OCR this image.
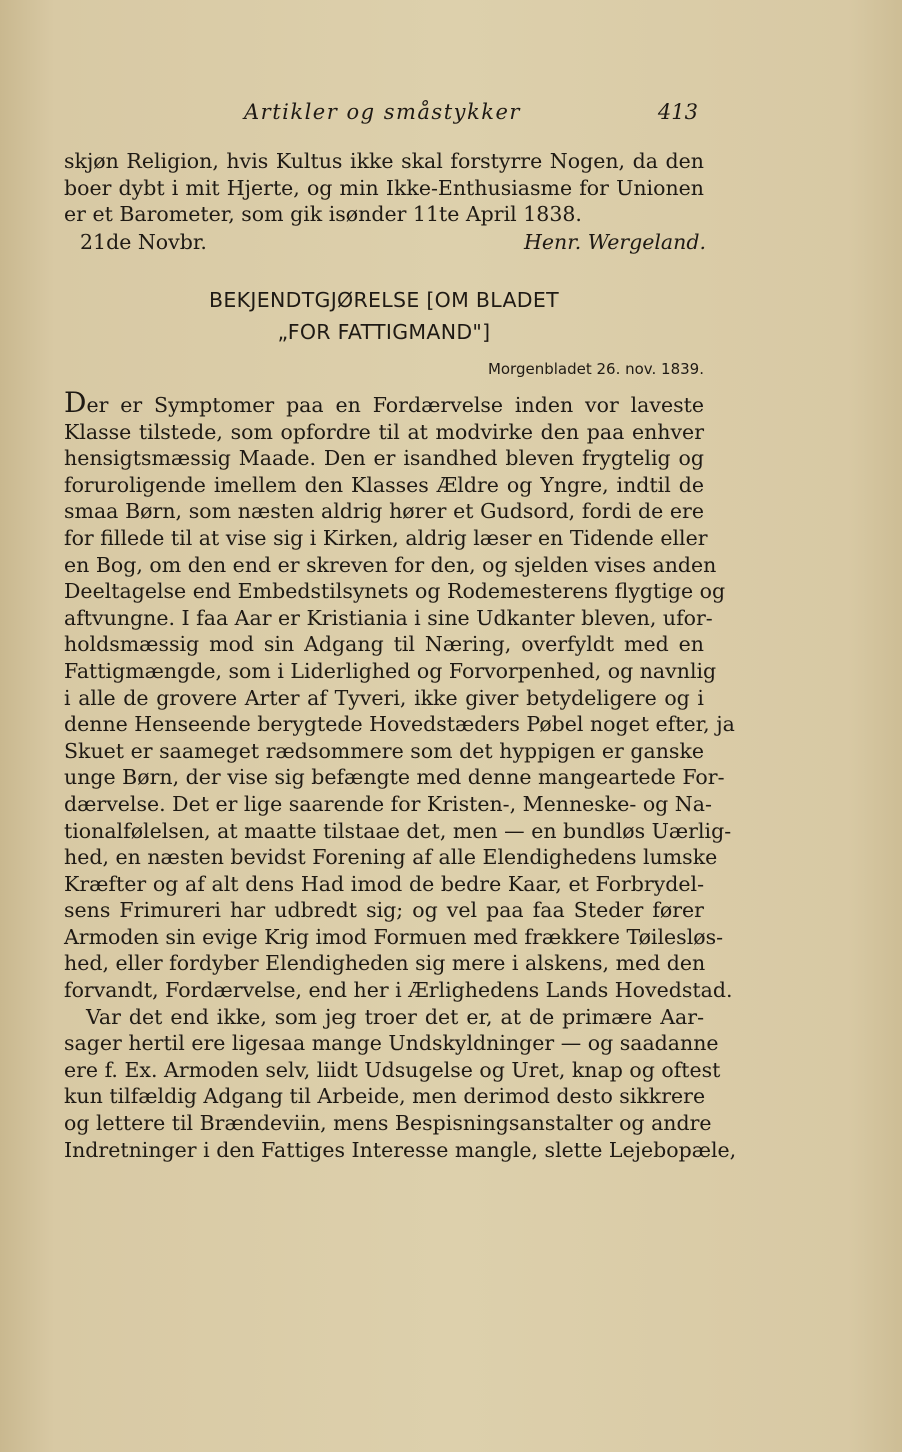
Artikler og småstykker	413
skjøn Religion, hvis Kultus ikke skal forstyrre Nogen, da den
boer dybt i mit Hjerte, og min Ikke-Enthusiasme for Unionen
er et Barometer, som gik isønder 11te April 1838.
21de Novbr.	Henr. Wergeland.
BEKJENDTGJØRELSE [OM BLADET
„FOR FATTIGMAND"]
Morgenbladet 26. nov. 1839.
Der er Symptomer paa en Fordærvelse inden vor laveste
Klasse tilstede, som opfordre til at modvirke den paa enhver
hensigtsmæssig Maade. Den er isandhed bleven frygtelig og
foruroligende imellem den Klasses Ældre og Yngre, indtil de
smaa Børn, som næsten aldrig hører et Gudsord, fordi de ere
for fillede til at vise sig i Kirken, aldrig læser en Tidende eller
en Bog, om den end er skreven for den, og sjelden vises anden
Deeltagelse end Embedstilsynets og Rodemesterens flygtige og
aftvungne. I faa Aar er Kristiania i sine Udkanter bleven, ufor-
holdsmæssig mod sin Adgang til Næring, overfyldt med en
Fattigmængde, som i Liderlighed og Forvorpenhed, og navnlig
i alle de grovere Arter af Tyveri, ikke giver betydeligere og i
denne Henseende berygtede Hovedstæders Pøbel noget efter, ja
Skuet er saameget rædsommere som det hyppigen er ganske
unge Børn, der vise sig befængte med denne mangeartede For-
dærvelse. Det er lige saarende for Kristen-, Menneske- og Na-
tionalfølelsen, at maatte tilstaae det, men — en bundløs Uærlig-
hed, en næsten bevidst Forening af alle Elendighedens lumske
Kræfter og af alt dens Had imod de bedre Kaar, et Forbrydel-
sens Frimureri har udbredt sig; og vel paa faa Steder fører
Armoden sin evige Krig imod Formuen med frækkere Tøilesløs-
hed, eller fordyber Elendigheden sig mere i alskens, med den
forvandt, Fordærvelse, end her i Ærlighedens Lands Hovedstad.
Var det end ikke, som jeg troer det er, at de primære Aar-
sager hertil ere ligesaa mange Undskyldninger — og saadanne
ere f. Ex. Armoden selv, liidt Udsugelse og Uret, knap og oftest
kun tilfældig Adgang til Arbeide, men derimod desto sikkrere
og lettere til Brændeviin, mens Bespisningsanstalter og andre
Indretninger i den Fattiges Interesse mangle, slette Lejebopæle,
